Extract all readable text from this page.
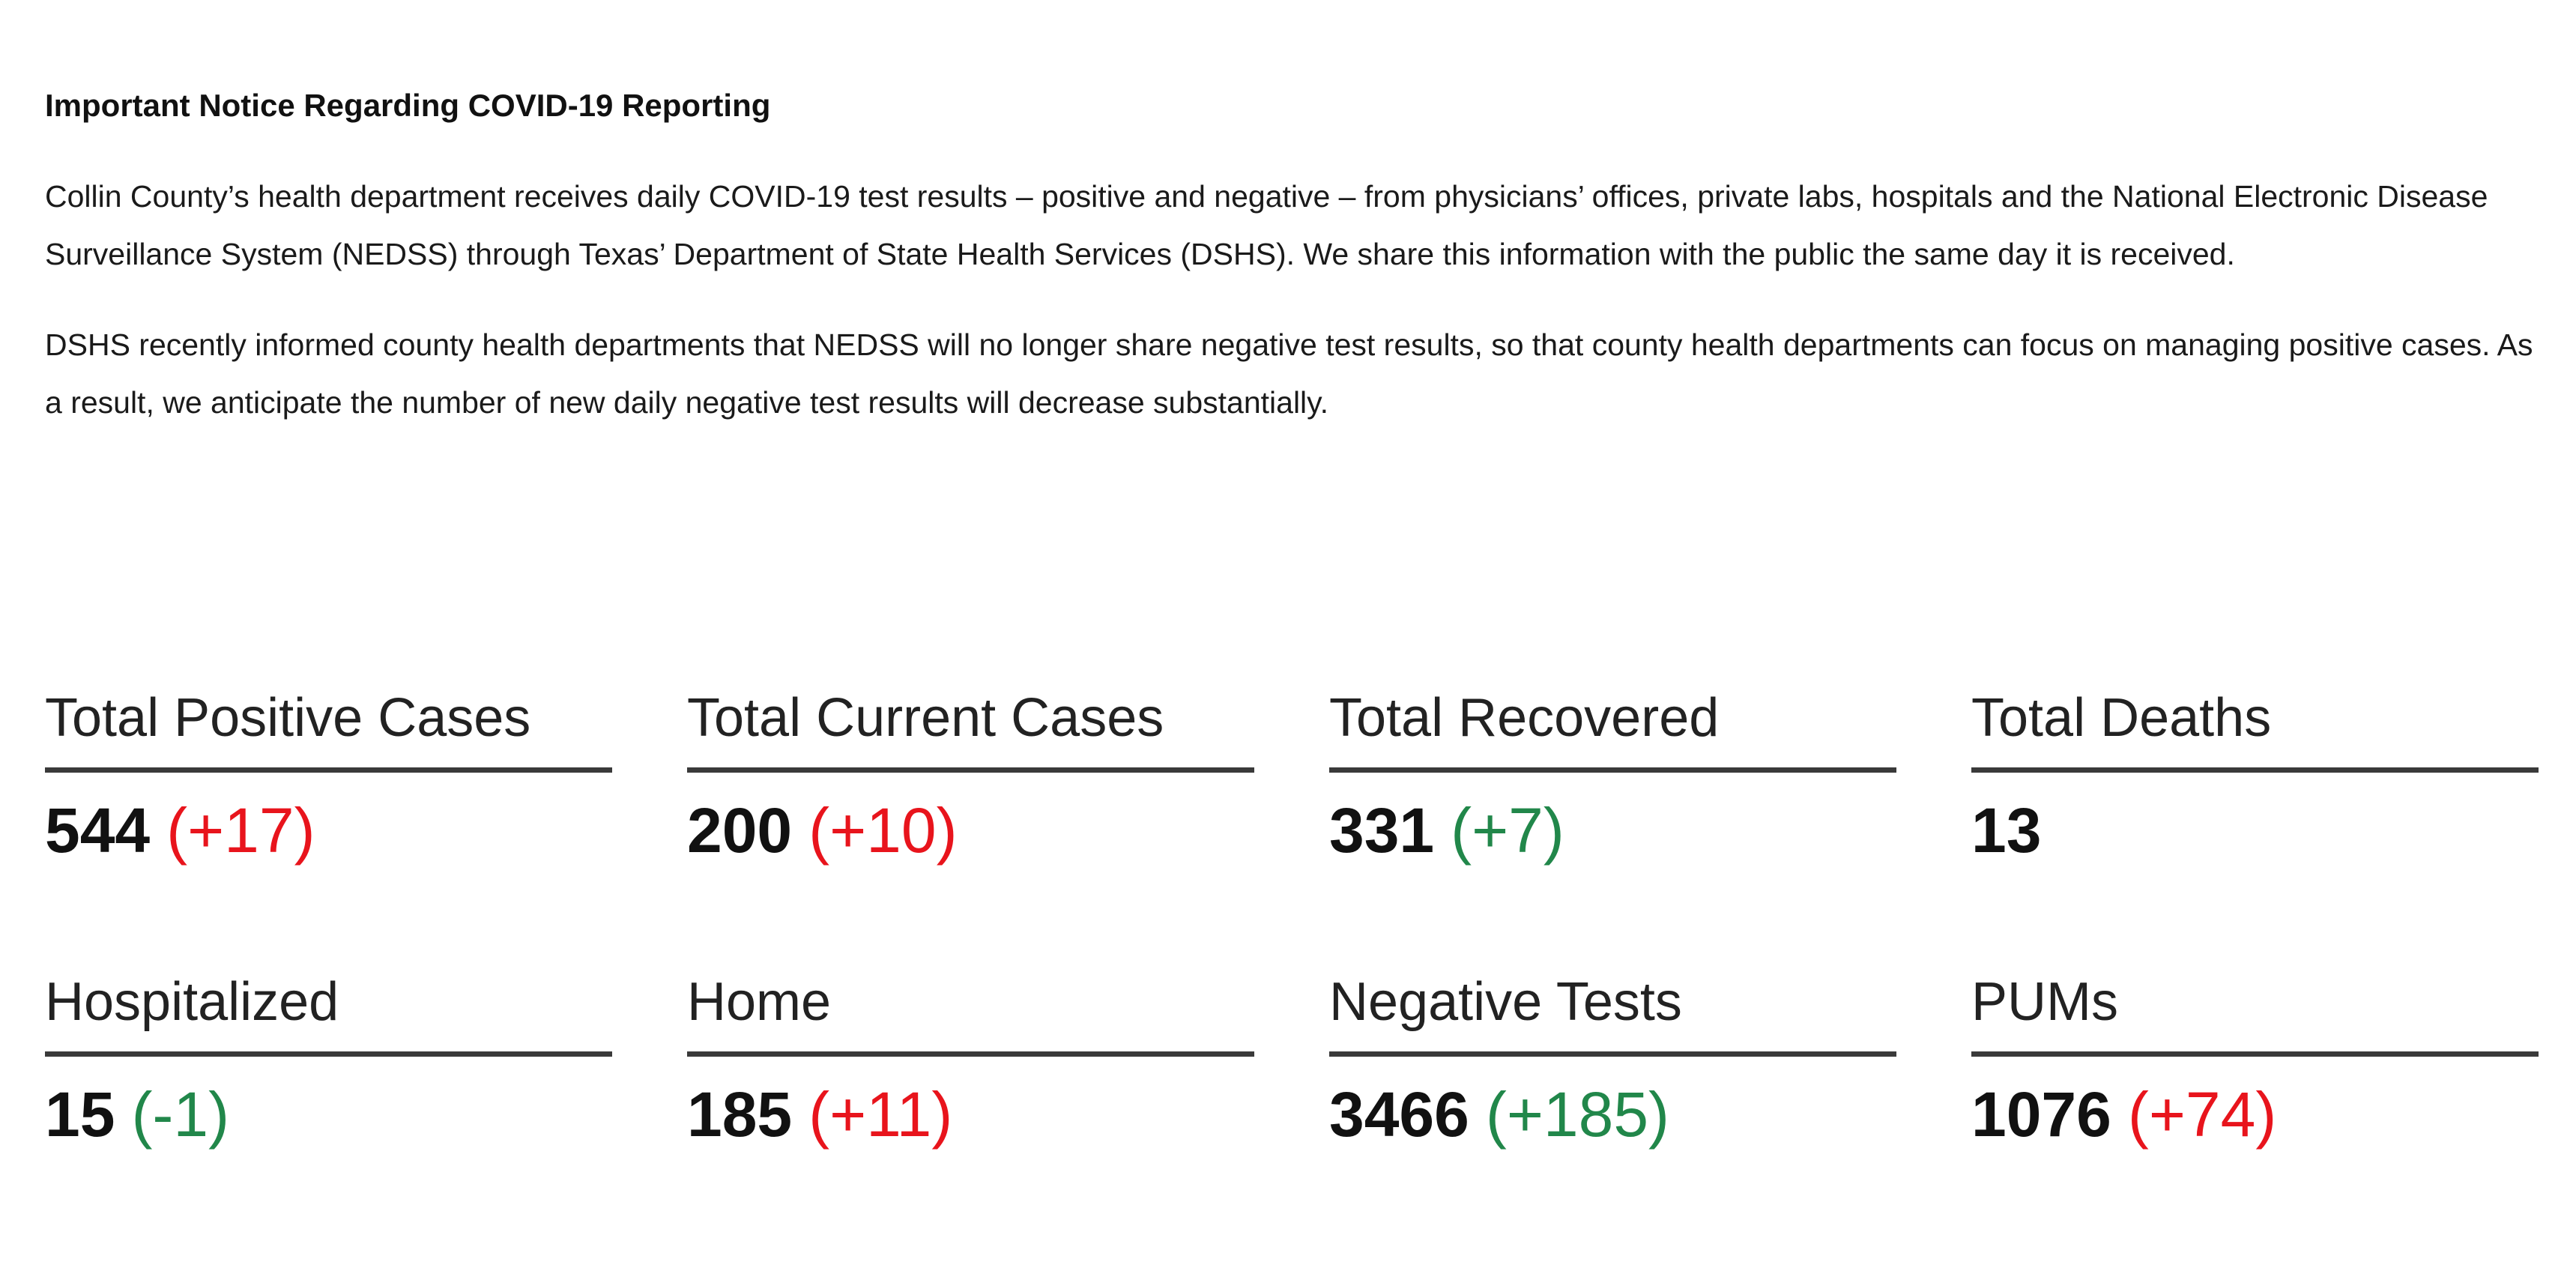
Important Notice Regarding COVID-19 Reporting

Collin County’s health department receives daily COVID-19 test results – positive and negative – from physicians’ offices, private labs, hospitals and the National Electronic Disease Surveillance System (NEDSS) through Texas’ Department of State Health Services (DSHS). We share this information with the public the same day it is received.

DSHS recently informed county health departments that NEDSS will no longer share negative test results, so that county health departments can focus on managing positive cases. As a result, we anticipate the number of new daily negative test results will decrease substantially.

Total Positive Cases
544 (+17)
Total Current Cases
200 (+10)
Total Recovered
331 (+7)
Total Deaths
13
Hospitalized
15 (-1)
Home
185 (+11)
Negative Tests
3466 (+185)
PUMs
1076 (+74)
